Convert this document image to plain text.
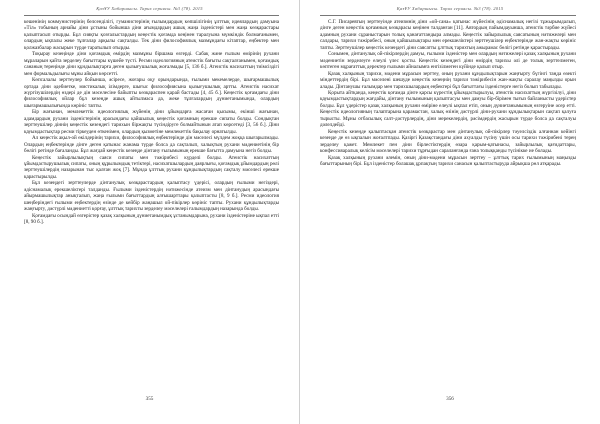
ҚазҰУ Хабаршысы. Тарих сериясы. №3 (78). 2015

кешенінің коммунистерінің белсенділігі, гуманистерінің ғылымдардың көпшілігінің ұлттық идеялардың дамуына «Тіл» тобының арнайы діни ұстыны бойынша діни ағымдардың ашық жаңа ізденістері мен жаңа көзқарастары қалыптасып отырды. Бұл сияқты қозғалыстардың кеңестік қоғамда кеңінен таралуына мүмкіндік болмағанымен, олардың ықпалы жеке тұлғалар арқылы сақталды. Тек діни философиялық мазмұндағы кітаптар, еңбектер мен қолжазбалар жасырын түрде таратылып отырды.

Тоқырау кезеңінде діни қоғамдық өмірдің мазмұны біршама өзгерді. Сабақ және ғылым өмірінің рухани мұраларын қайта зерделеу бағыттары күшейе түсті. Ресми идеологияның атеистік бағыты сақталғанымен, қоғамдық сананың тереңінде діни құндылықтарға деген қызығушылық жоғалмады [5, 136 б.]. Атеистік насихаттың тиімсіздігі мен формальдылығы мұны айқын көрсетті.

Көпсалалы зерттеулер бойынша, әсіресе, жоғары оқу орындарында, ғылыми мекемелерде, шығармашылық ортада діни әдебиетке, мистикалық ілімдерге, шығыс философиясына қызығушылық артты. Атеистік насихат жүргізушілердің өздері де дін мәселесіне байыпты көзқараспен қарай бастады [4, 45 б.]. Кеңестік қоғамдағы діни философиялық ойлар бұл кезеңде ашық айтылмаса да, жеке тұлғалардың дүниетанымында, олардың шығармашылығында көрініс тапты.

Бір жағынан, мемлекеттік идеологиялық жүйенің діни ұйымдарға жасаған қысымы, екінші жағынан, адамдардың рухани ізденістерінің арасындағы қайшылық кеңестік қоғамның ерекше сипаты болды. Сондықтан зерттеушілер діннің кеңестік кезеңдегі тарихын біржақты түсіндіруге болмайтынын атап көрсетеді [3, 56 б.]. Діни қауымдастықтар ресми тіркеуден өткенімен, олардың қызметіне мемлекеттік бақылау орнатылды.

Ал кеңестік ақыл-ой өкілдерінің тарихи, философиялық еңбектерінде дін мәселесі мүлдем жоққа шығарылмады. Олардың еңбектерінде дінге деген қатынас жанама түрде болса да сақталып, халықтың рухани мәдениетінің бір бөлігі ретінде бағаланды. Бұл жағдай кеңестік кезеңде дінтану ғылымының ерекше бағытта дамуына негіз болды.

Кеңестік зайырлылықтың саяси сипаты мен тәжірибесі күрделі болды. Атеистік насихаттың ұйымдастырушылық сипаты, оның құрылымдық тетіктері, насихатшылардың даярлығы, қоғамдық ұйымдардың рөлі зерттеушілердің назарынан тыс қалған жоқ [7]. Мұнда ұлттық рухани құндылықтардың сақталу мәселесі ерекше қарастырылды.

Бұл кезеңдегі зерттеулерде дінтанулық көзқарастардың қалыптасу үдерісі, олардың ғылыми негіздері, әдіснамалық ерекшеліктері талданды. Ғылыми ізденістердің нәтижесінде атеизм мен дінтанудың арасындағы айырмашылықтар анықталып, жаңа ғылыми бағыттардың алғышарттары қалыптасты [8, 9 б.]. Ресми идеология шеңберіндегі ғылыми еңбектердің өзінде де кейбір жаңашыл ой-пікірлер көрініс тапты. Рухани құндылықтарды жаңғырту, дәстүрлі мәдениетті қорғау, ұлттық тарихты зерделеу мәселелері ғалымдардың назарында болды.

Қоғамдағы осындай өзгерістер қазақ халқының дүниетанымдық ұстанымдарына, рухани ізденістеріне ықпал етті [8, 90 б.].

355
ҚазҰУ Хабаршысы. Тарих сериясы. №3 (78). 2015

С.Г. Писаревтың зерттеуінде атеизмнің діни «ой-сана» қатынас жүйесінің әдіснамалық негізі тұжырымдалып, дінге деген кеңестік қоғамның көзқарасы кеңінен талданған [11]. Автордың пайымдауынша, атеистік тәрбие жүйесі адамның рухани сұраныстарын толық қанағаттандыра алмады. Кеңестік зайырлылық саясатының нәтижелері мен салдары, тарихи тәжірибесі, оның қайшылықтары мен ерекшеліктері зерттеушілер еңбектерінде жан-жақты көрініс тапты. Зерттеушілер кеңестік кезеңдегі діни саясатты ұлттық тарихтың ажырамас бөлігі ретінде қарастырады.

Сонымен, дінтанулық ой-пікірлердің дамуы, ғылыми ізденістер мен олардың нәтижелері қазақ халқының рухани мәдениетін зерделеуге елеулі үлес қосты. Кеңестік кезеңдегі діни өмірдің тарихы әлі де толық зерттелмеген, көптеген мұрағаттық деректер ғылыми айналымға енгізілмеген күйінде қалып отыр.

Қазақ халқының тарихи, мәдени мұрасын зерттеу, оның рухани құндылықтарын жаңғырту бүгінгі таңда өзекті міндеттердің бірі. Бұл мәселені шешуде кеңестік кезеңнің тарихи тәжірибесін жан-жақты саралау маңызды орын алады. Дінтанушы ғалымдар мен тарихшылардың еңбектері бұл бағыттағы ізденістерге негіз болып табылады.

Қорыта айтқанда, кеңестік қоғамда дінге қарсы күрестің ұйымдастырылуы, атеистік насихаттың жүргізілуі, діни қауымдастықтардың жағдайы, дінтану ғылымының қалыптасуы мен дамуы бір-бірімен тығыз байланысты үдерістер болды. Бұл үдерістер қазақ халқының рухани өміріне елеулі ықпал етіп, оның дүниетанымының өзгеруіне әсер етті. Кеңестік идеологияның талаптарына қарамастан, халық өзінің дәстүрлі діни-рухани құндылықтарын сақтап қалуға тырысты. Мұны отбасылық салт-дәстүрлердің, діни мерекелердің, рәсімдердің жасырын түрде болса да сақталуы дәлелдейді.

Кеңестік кезеңде қалыптасқан атеистік көзқарастар мен дінтанулық ой-пікірлер тәуелсіздік алғаннан кейінгі кезеңде де өз ықпалын жоғалтпады. Қазіргі Қазақстандағы діни ахуалды түсіну үшін осы тарихи тәжірибені терең зерделеу қажет. Мемлекет пен діни бірлестіктердің өзара қарым-қатынасы, зайырлылық қағидаттары, конфессияаралық келісім мәселелері тарихи тұрғыдан сараланғанда ғана толыққанды түсінікке ие болады.

Қазақ халқының рухани әлемін, оның діни-мәдени мұрасын зерттеу – ұлттық тарих ғылымының маңызды бағыттарының бірі. Бұл ізденістер болашақ ұрпақтың тарихи санасын қалыптастыруда айрықша рөл атқарады.

356
